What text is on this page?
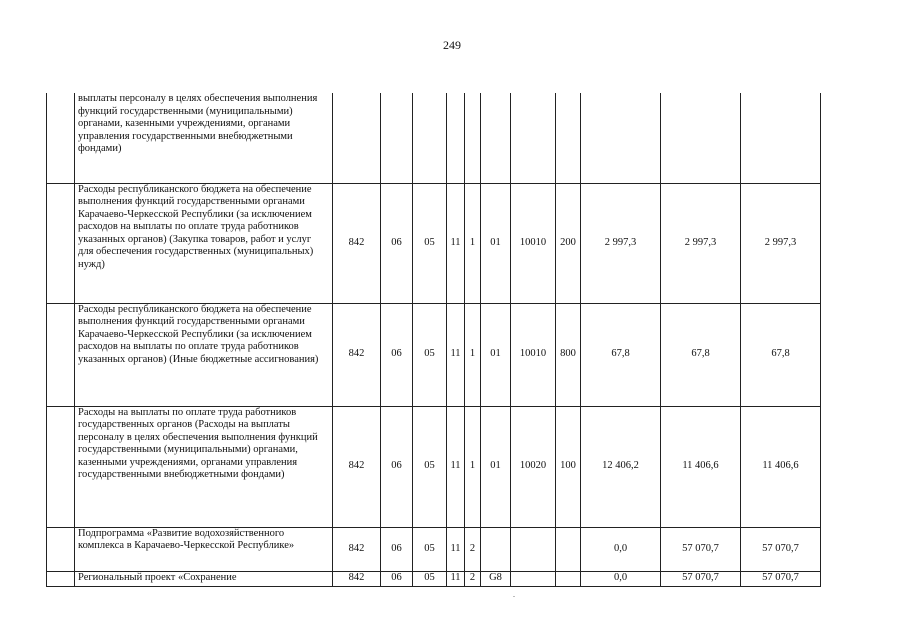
249
	выплаты персоналу в целях обеспечения выполнения функций государственными (муниципальными) органами, казенными учреждениями, органами управления государственными внебюджетными фондами)											
	Расходы республиканского бюджета на обеспечение выполнения функций государственными органами Карачаево-Черкесской Республики (за исключением расходов на выплаты по оплате труда работников указанных органов) (Закупка товаров, работ и услуг для обеспечения государственных (муниципальных) нужд)	842	06	05	11	1	01	10010	200	2 997,3	2 997,3	2 997,3
	Расходы республиканского бюджета на обеспечение выполнения функций государственными органами Карачаево-Черкесской Республики (за исключением расходов на выплаты по оплате труда работников указанных органов) (Иные бюджетные ассигнования)	842	06	05	11	1	01	10010	800	67,8	67,8	67,8
	Расходы на выплаты по оплате труда работников государственных органов (Расходы на выплаты персоналу в целях обеспечения выполнения функций государственными (муниципальными) органами, казенными учреждениями, органами управления государственными внебюджетными фондами)	842	06	05	11	1	01	10020	100	12 406,2	11 406,6	11 406,6
	Подпрограмма «Развитие водохозяйственного комплекса в Карачаево-Черкесской Республике»	842	06	05	11	2				0,0	57 070,7	57 070,7
	Региональный проект «Сохранение	842	06	05	11	2	G8			0,0	57 070,7	57 070,7
